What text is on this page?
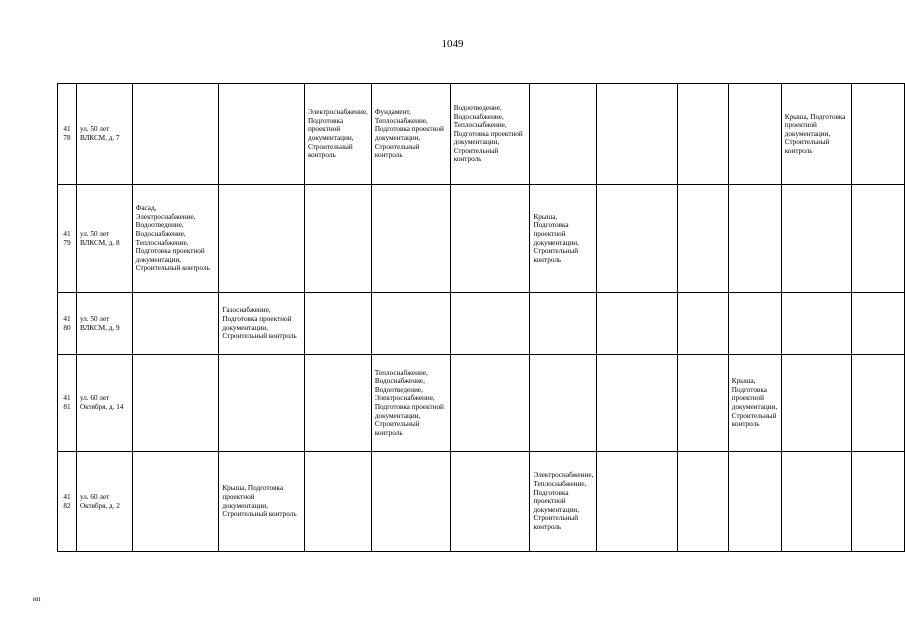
1049
41
78	ул. 50 лет ВЛКСМ, д. 7			Электроснабжение, Подготовка проектной документации, Строительный контроль	Фундамент, Теплоснабжение, Подготовка проектной документации, Строительный контроль	Водоотведение, Водоснабжение, Теплоснабжение, Подготовка проектной документации, Строительный контроль					Крыша, Подготовка проектной документации, Строительный контроль	
41
79	ул. 50 лет ВЛКСМ, д. 8	Фасад, Электроснабжение, Водоотведение, Водоснабжение, Теплоснабжение, Подготовка проектной документации, Строительный контроль					Крыша, Подготовка проектной документации, Строительный контроль					
41
80	ул. 50 лет ВЛКСМ, д. 9		Газоснабжение, Подготовка проектной документации, Строительный контроль									
41
81	ул. 60 лет Октября, д. 14				Теплоснабжение, Водоснабжение, Водоотведение, Электроснабжение, Подготовка проектной документации, Строительный контроль					Крыша, Подготовка проектной документации, Строительный контроль		
41
82	ул. 60 лет Октября, д. 2		Крыша, Подготовка проектной документации, Строительный контроль				Электроснабжение, Теплоснабжение, Подготовка проектной документации, Строительный контроль					
нп
